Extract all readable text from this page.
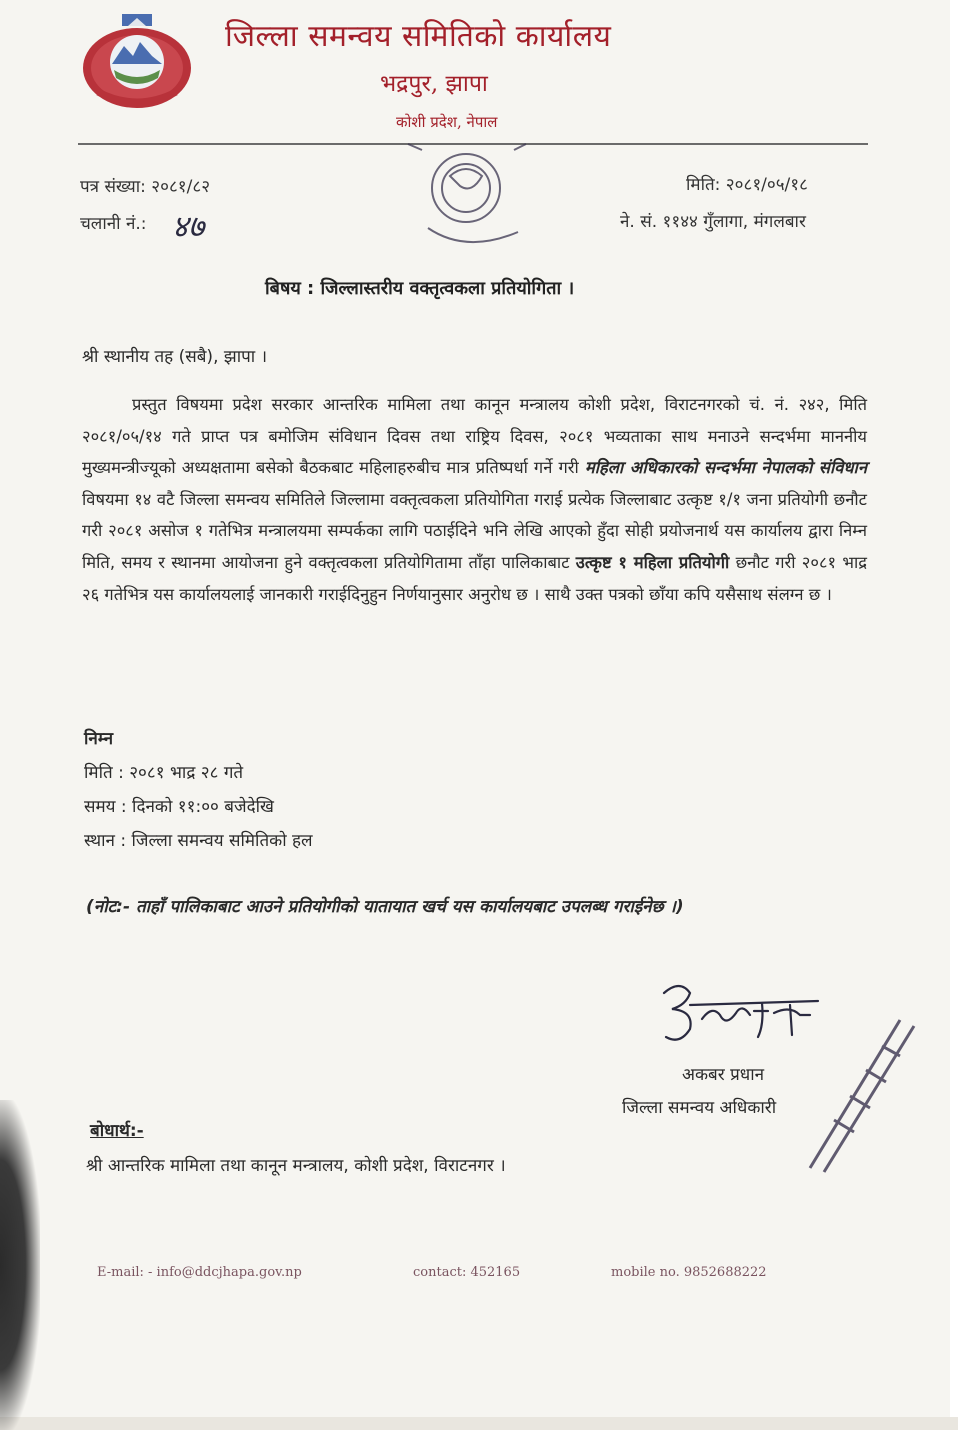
जिल्ला समन्वय समितिको कार्यालय
भद्रपुर, झापा
कोशी प्रदेश, नेपाल
पत्र संख्या: २०८१/८२
चलानी नं.: ४७
मिति: २०८१/०५/१८
ने. सं. ११४४ गुँलागा, मंगलबार
बिषय : जिल्लास्तरीय वक्तृत्वकला प्रतियोगिता ।
श्री स्थानीय तह (सबै), झापा ।
प्रस्तुत विषयमा प्रदेश सरकार आन्तरिक मामिला तथा कानून मन्त्रालय कोशी प्रदेश, विराटनगरको चं. नं. २४२, मिति २०८१/०५/१४ गते प्राप्त पत्र बमोजिम संविधान दिवस तथा राष्ट्रिय दिवस, २०८१ भव्यताका साथ मनाउने सन्दर्भमा माननीय मुख्यमन्त्रीज्यूको अध्यक्षतामा बसेको बैठकबाट महिलाहरुबीच मात्र प्रतिष्पर्धा गर्ने गरी महिला अधिकारको सन्दर्भमा नेपालको संविधान विषयमा १४ वटै जिल्ला समन्वय समितिले जिल्लामा वक्तृत्वकला प्रतियोगिता गराई प्रत्येक जिल्लाबाट उत्कृष्ट १/१ जना प्रतियोगी छनौट गरी २०८१ असोज १ गतेभित्र मन्त्रालयमा सम्पर्कका लागि पठाईदिने भनि लेखि आएको हुँदा सोही प्रयोजनार्थ यस कार्यालय द्वारा निम्न मिति, समय र स्थानमा आयोजना हुने वक्तृत्वकला प्रतियोगितामा ताँहा पालिकाबाट उत्कृष्ट १ महिला प्रतियोगी छनौट गरी २०८१ भाद्र २६ गतेभित्र यस कार्यालयलाई जानकारी गराईदिनुहुन निर्णयानुसार अनुरोध छ । साथै उक्त पत्रको छाँया कपि यसैसाथ संलग्न छ ।
निम्न
मिति : २०८१ भाद्र २८ गते
समय : दिनको ११:०० बजेदेखि
स्थान : जिल्ला समन्वय समितिको हल
(नोट:- ताहाँ पालिकाबाट आउने प्रतियोगीको यातायात खर्च यस कार्यालयबाट उपलब्ध गराईनेछ ।)
अकबर प्रधान
जिल्ला समन्वय अधिकारी
बोधार्थ:-
श्री आन्तरिक मामिला तथा कानून मन्त्रालय, कोशी प्रदेश, विराटनगर ।
E-mail: - info@ddcjhapa.gov.np	contact: 452165	mobile no. 9852688222
